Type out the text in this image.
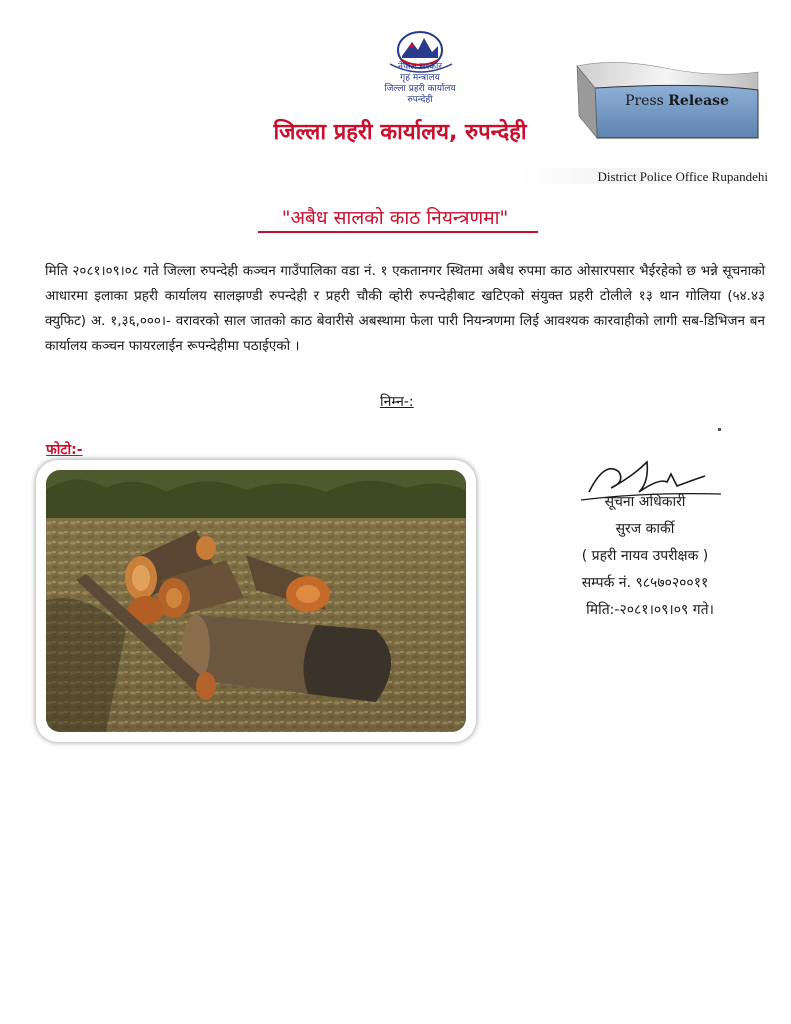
नेपाल सरकार
गृह मन्त्रालय
जिल्ला प्रहरी कार्यालय
रुपन्देही	Press Release
जिल्ला प्रहरी कार्यालय, रुपन्देही
District Police Office Rupandehi
"अबैध सालको काठ नियन्त्रणमा"
मिति २०८१।०९।०८ गते जिल्ला रुपन्देही कञ्चन गाउँपालिका वडा नं. १ एकतानगर स्थितमा अबैध रुपमा काठ ओसारपसार भैईरहेको छ भन्ने सूचनाको आधारमा इलाका प्रहरी कार्यालय सालझण्डी रुपन्देही र प्रहरी चौकी व्होरी रुपन्देहीबाट खटिएको संयुक्त प्रहरी टोलीले १३ थान गोलिया (५४.४३ क्युफिट) अ. १,३६,०००।- वरावरको साल जातको काठ बेवारीसे अबस्थामा फेला पारी नियन्त्रणमा लिई आवश्यक कारवाहीको लागी सब-डिभिजन बन कार्यालय कञ्चन फायरलाईन रूपन्देहीमा पठाईएको ।
निम्न-:
फोटो:-
सूचना अधिकारी
सुरज कार्की
( प्रहरी नायव उपरीक्षक )
सम्पर्क नं. ९८५७०२००११
मिति:-२०८१।०९।०९ गते।
